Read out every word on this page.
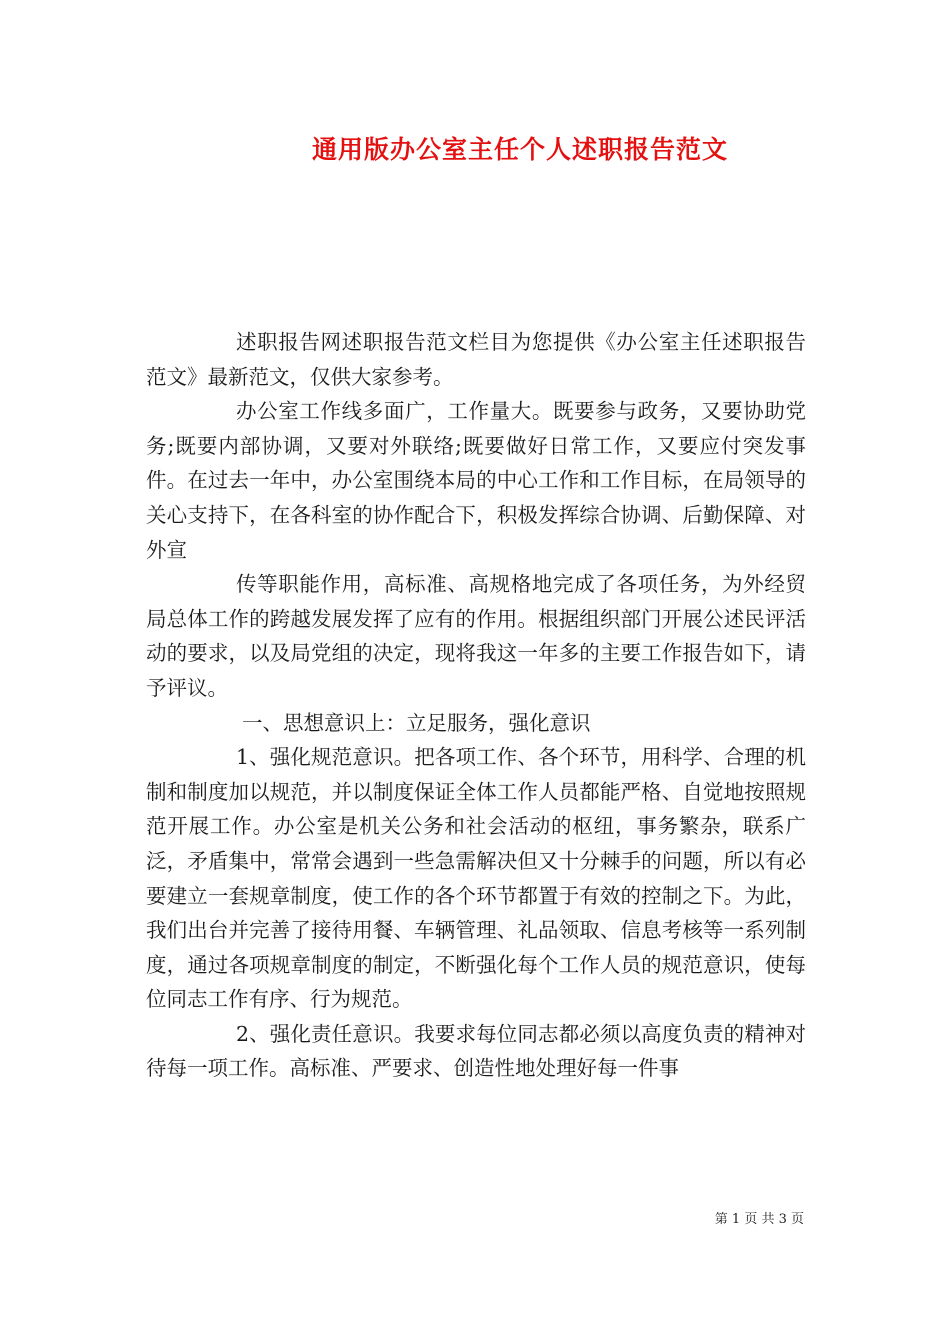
通用版办公室主任个人述职报告范文

述职报告网述职报告范文栏目为您提供《办公室主任述职报告范文》最新范文，仅供大家参考。

办公室工作线多面广，工作量大。既要参与政务，又要协助党务;既要内部协调，又要对外联络;既要做好日常工作，又要应付突发事件。在过去一年中，办公室围绕本局的中心工作和工作目标，在局领导的关心支持下，在各科室的协作配合下，积极发挥综合协调、后勤保障、对外宣

传等职能作用，高标准、高规格地完成了各项任务，为外经贸局总体工作的跨越发展发挥了应有的作用。根据组织部门开展公述民评活动的要求，以及局党组的决定，现将我这一年多的主要工作报告如下，请予评议。

一、思想意识上：立足服务，强化意识

1、强化规范意识。把各项工作、各个环节，用科学、合理的机制和制度加以规范，并以制度保证全体工作人员都能严格、自觉地按照规范开展工作。办公室是机关公务和社会活动的枢纽，事务繁杂，联系广泛，矛盾集中，常常会遇到一些急需解决但又十分棘手的问题，所以有必要建立一套规章制度，使工作的各个环节都置于有效的控制之下。为此，我们出台并完善了接待用餐、车辆管理、礼品领取、信息考核等一系列制度，通过各项规章制度的制定，不断强化每个工作人员的规范意识，使每位同志工作有序、行为规范。

2、强化责任意识。我要求每位同志都必须以高度负责的精神对待每一项工作。高标准、严要求、创造性地处理好每一件事

第 1 页 共 3 页
